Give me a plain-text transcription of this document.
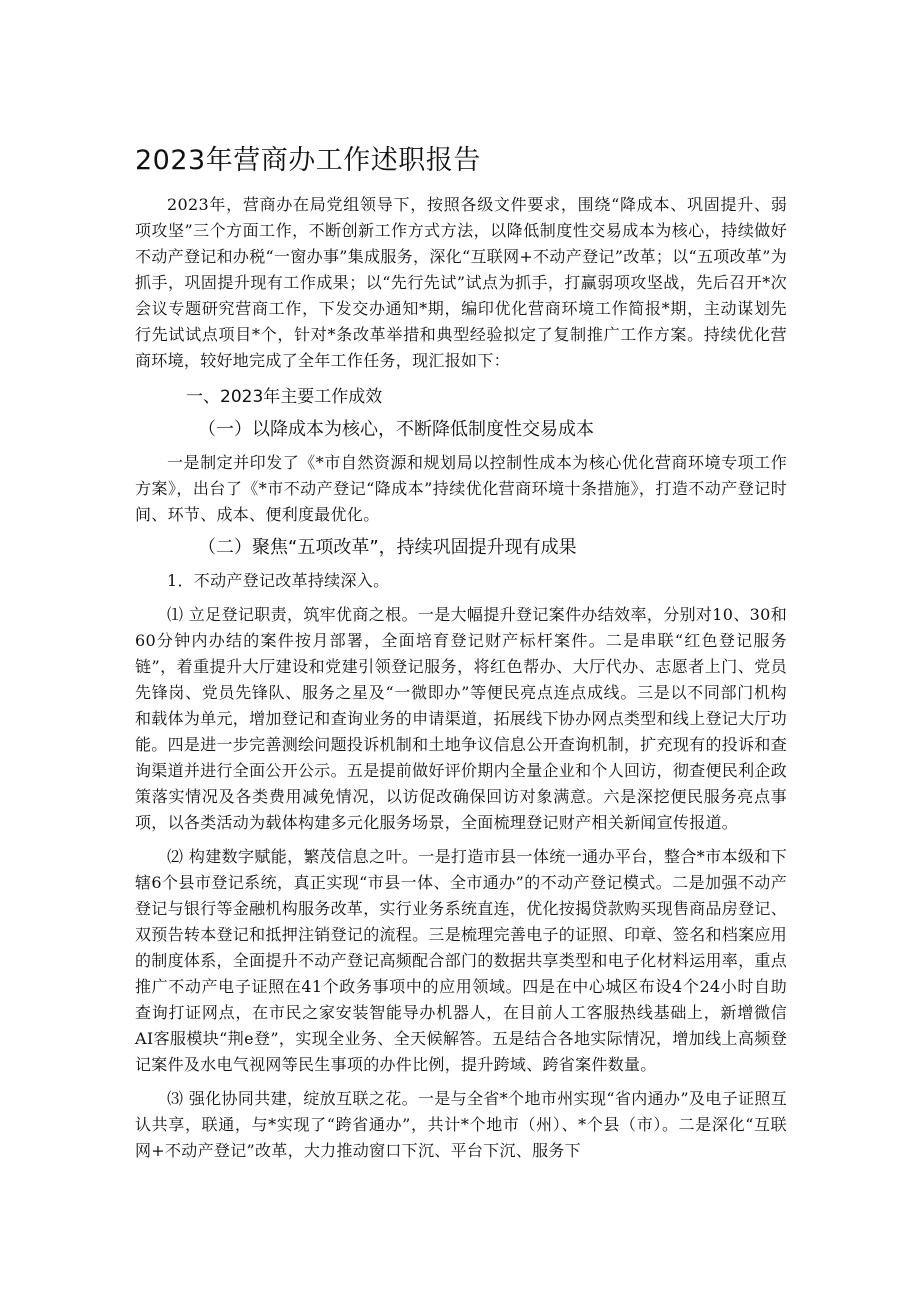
2023年营商办工作述职报告

2023年，营商办在局党组领导下，按照各级文件要求，围绕“降成本、巩固提升、弱项攻坚”三个方面工作，不断创新工作方式方法，以降低制度性交易成本为核心，持续做好不动产登记和办税“一窗办事”集成服务，深化“互联网+不动产登记”改革；以“五项改革”为抓手，巩固提升现有工作成果；以“先行先试”试点为抓手，打赢弱项攻坚战，先后召开*次会议专题研究营商工作，下发交办通知*期，编印优化营商环境工作简报*期，主动谋划先行先试试点项目*个，针对*条改革举措和典型经验拟定了复制推广工作方案。持续优化营商环境，较好地完成了全年工作任务，现汇报如下：

一、2023年主要工作成效
（一）以降成本为核心，不断降低制度性交易成本

一是制定并印发了《*市自然资源和规划局以控制性成本为核心优化营商环境专项工作方案》，出台了《*市不动产登记“降成本”持续优化营商环境十条措施》，打造不动产登记时间、环节、成本、便利度最优化。

（二）聚焦“五项改革”，持续巩固提升现有成果

1．不动产登记改革持续深入。

⑴ 立足登记职责，筑牢优商之根。一是大幅提升登记案件办结效率，分别对10、30和60分钟内办结的案件按月部署，全面培育登记财产标杆案件。二是串联“红色登记服务链”，着重提升大厅建设和党建引领登记服务，将红色帮办、大厅代办、志愿者上门、党员先锋岗、党员先锋队、服务之星及“一微即办”等便民亮点连点成线。三是以不同部门机构和载体为单元，增加登记和查询业务的申请渠道，拓展线下协办网点类型和线上登记大厅功能。四是进一步完善测绘问题投诉机制和土地争议信息公开查询机制，扩充现有的投诉和查询渠道并进行全面公开公示。五是提前做好评价期内全量企业和个人回访，彻查便民利企政策落实情况及各类费用减免情况，以访促改确保回访对象满意。六是深挖便民服务亮点事项，以各类活动为载体构建多元化服务场景，全面梳理登记财产相关新闻宣传报道。

⑵ 构建数字赋能，繁茂信息之叶。一是打造市县一体统一通办平台，整合*市本级和下辖6个县市登记系统，真正实现“市县一体、全市通办”的不动产登记模式。二是加强不动产登记与银行等金融机构服务改革，实行业务系统直连，优化按揭贷款购买现售商品房登记、双预告转本登记和抵押注销登记的流程。三是梳理完善电子的证照、印章、签名和档案应用的制度体系，全面提升不动产登记高频配合部门的数据共享类型和电子化材料运用率，重点推广不动产电子证照在41个政务事项中的应用领域。四是在中心城区布设4个24小时自助查询打证网点，在市民之家安装智能导办机器人，在目前人工客服热线基础上，新增微信AI客服模块“荆e登”，实现全业务、全天候解答。五是结合各地实际情况，增加线上高频登记案件及水电气视网等民生事项的办件比例，提升跨域、跨省案件数量。

⑶ 强化协同共建，绽放互联之花。一是与全省*个地市州实现“省内通办”及电子证照互认共享，联通，与*实现了“跨省通办”，共计*个地市（州）、*个县（市）。二是深化“互联网+不动产登记”改革，大力推动窗口下沉、平台下沉、服务下
